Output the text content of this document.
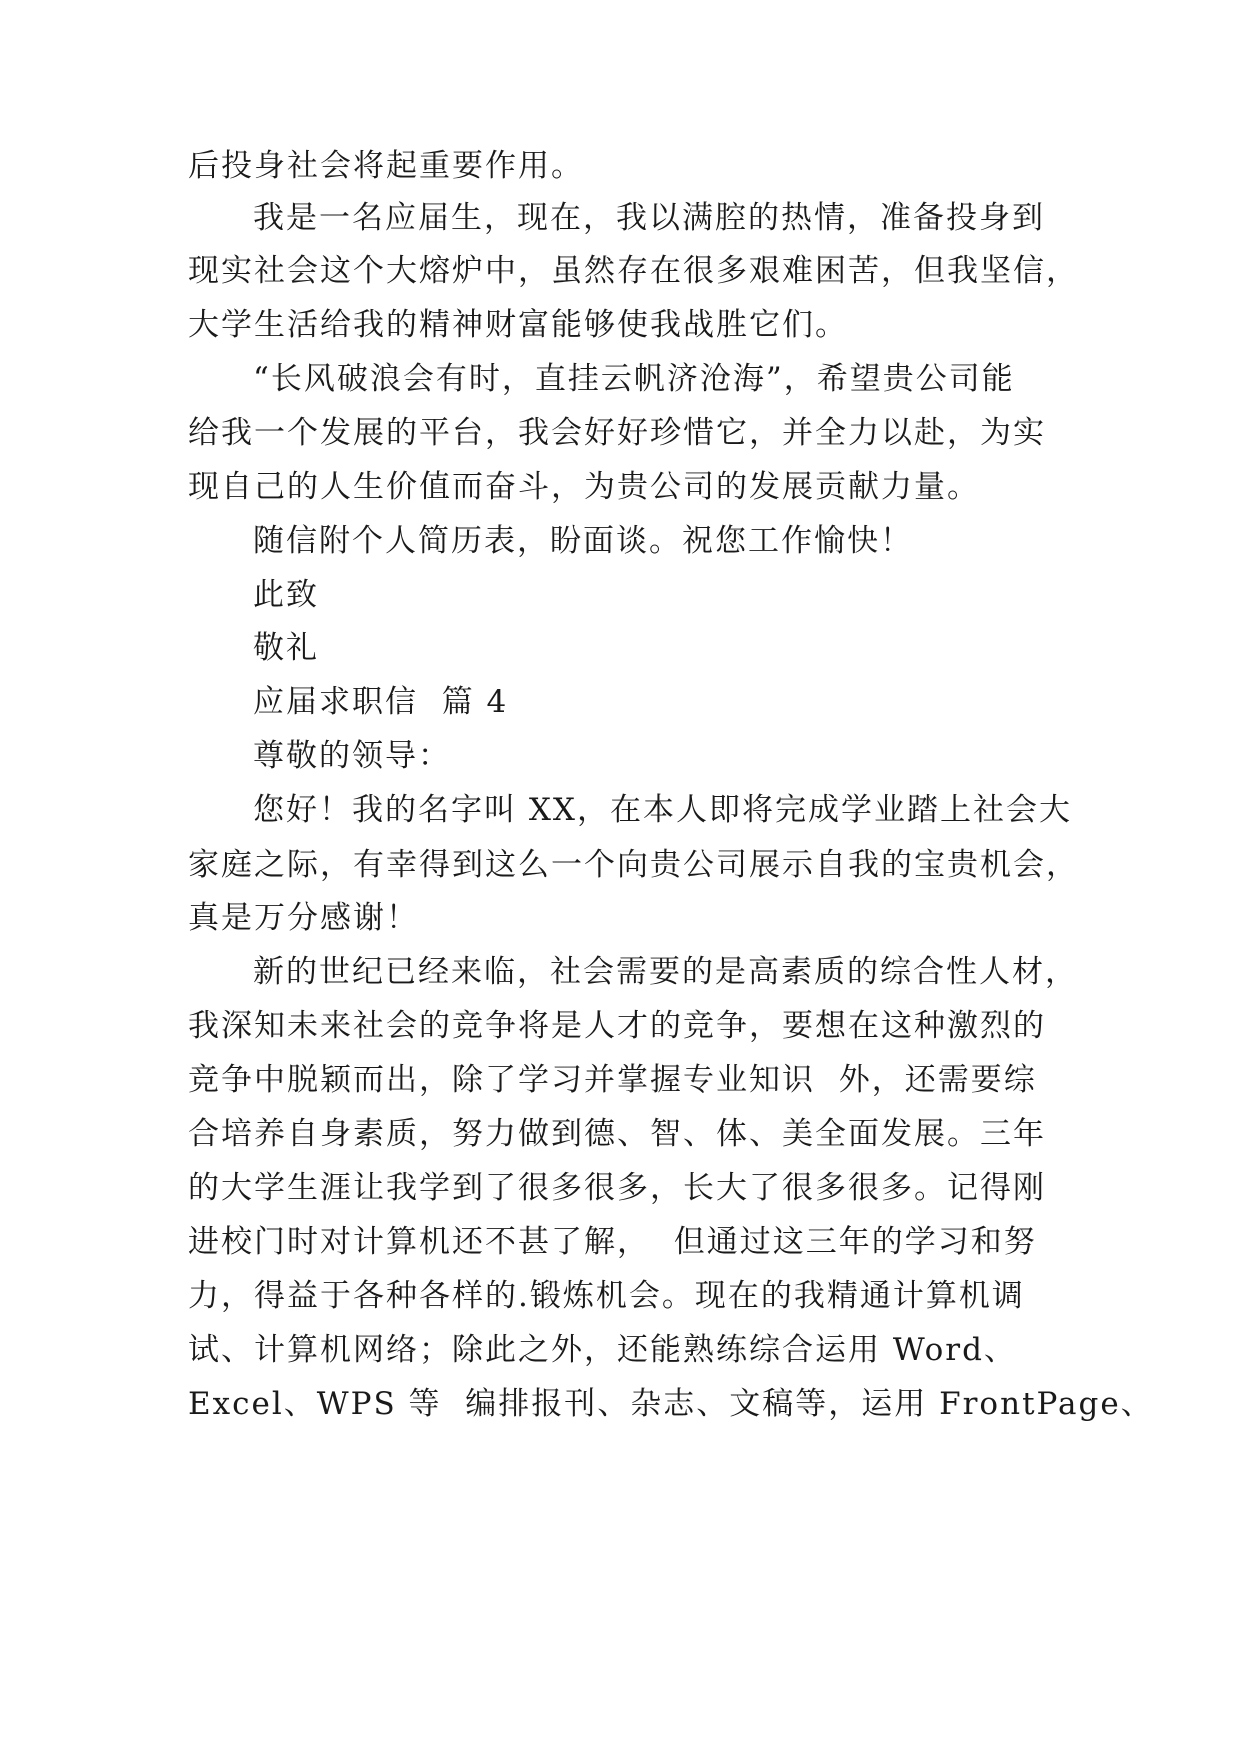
后投身社会将起重要作用。
我是一名应届生，现在，我以满腔的热情，准备投身到
现实社会这个大熔炉中，虽然存在很多艰难困苦，但我坚信，
大学生活给我的精神财富能够使我战胜它们。
“长风破浪会有时，直挂云帆济沧海”，希望贵公司能
给我一个发展的平台，我会好好珍惜它，并全力以赴，为实
现自己的人生价值而奋斗，为贵公司的发展贡献力量。
随信附个人简历表，盼面谈。祝您工作愉快！
此致
敬礼
应届求职信  篇 4
尊敬的领导：
您好！我的名字叫 XX，在本人即将完成学业踏上社会大
家庭之际，有幸得到这么一个向贵公司展示自我的宝贵机会，
真是万分感谢！
新的世纪已经来临，社会需要的是高素质的综合性人材，
我深知未来社会的竞争将是人才的竞争，要想在这种激烈的
竞争中脱颖而出，除了学习并掌握专业知识  外，还需要综
合培养自身素质，努力做到德、智、体、美全面发展。三年
的大学生涯让我学到了很多很多，长大了很多很多。记得刚
进校门时对计算机还不甚了解，  但通过这三年的学习和努
力，得益于各种各样的.锻炼机会。现在的我精通计算机调
试、计算机网络；除此之外，还能熟练综合运用 Word、
Excel、WPS 等  编排报刊、杂志、文稿等，运用 FrontPage、
